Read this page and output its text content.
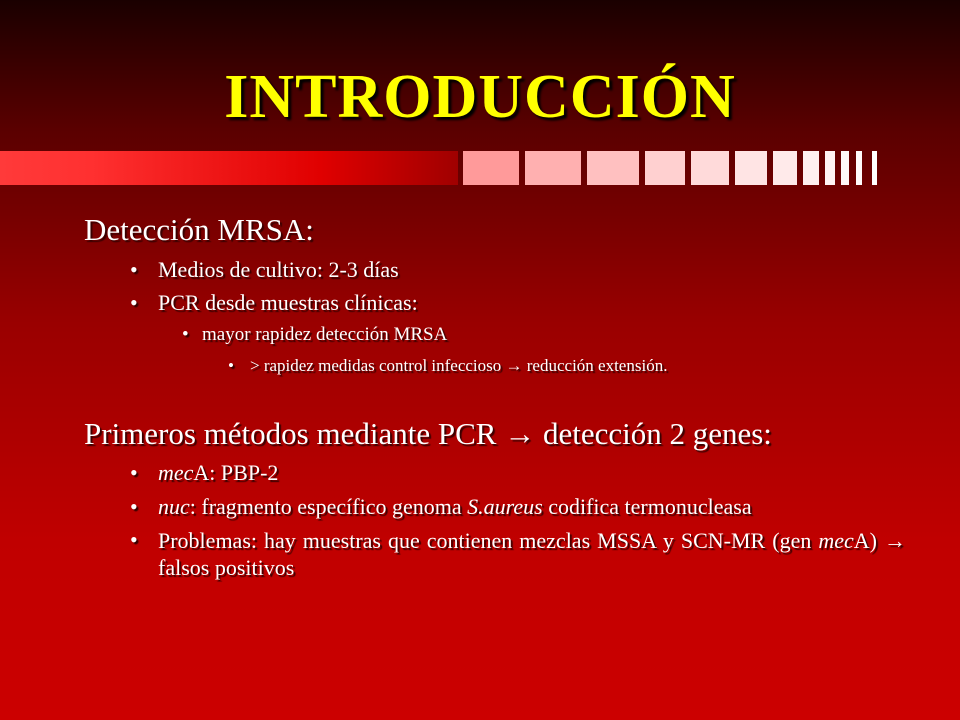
INTRODUCCIÓN
Detección MRSA:
• Medios de cultivo: 2-3 días
• PCR desde muestras clínicas:
• mayor rapidez detección MRSA
• > rapidez medidas control infeccioso → reducción extensión.
Primeros métodos mediante PCR → detección 2 genes:
• mecA: PBP-2
• nuc: fragmento específico genoma S.aureus codifica termonucleasa
• Problemas: hay muestras que contienen mezclas MSSA y SCN-MR (gen mecA) → falsos positivos
